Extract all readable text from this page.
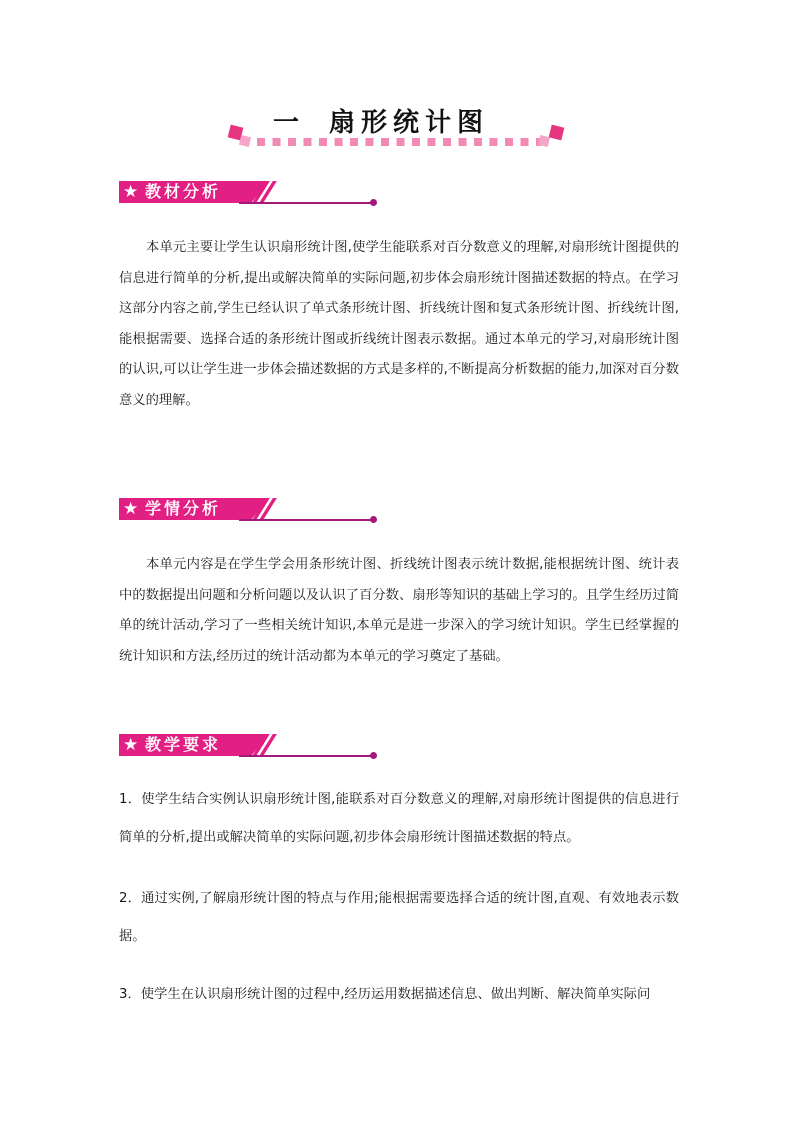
一 扇形统计图
★ 教材分析
本单元主要让学生认识扇形统计图,使学生能联系对百分数意义的理解,对扇形统计图提供的信息进行简单的分析,提出或解决简单的实际问题,初步体会扇形统计图描述数据的特点。在学习这部分内容之前,学生已经认识了单式条形统计图、折线统计图和复式条形统计图、折线统计图,能根据需要、选择合适的条形统计图或折线统计图表示数据。通过本单元的学习,对扇形统计图的认识,可以让学生进一步体会描述数据的方式是多样的,不断提高分析数据的能力,加深对百分数意义的理解。
★ 学情分析
本单元内容是在学生学会用条形统计图、折线统计图表示统计数据,能根据统计图、统计表中的数据提出问题和分析问题以及认识了百分数、扇形等知识的基础上学习的。且学生经历过简单的统计活动,学习了一些相关统计知识,本单元是进一步深入的学习统计知识。学生已经掌握的统计知识和方法,经历过的统计活动都为本单元的学习奠定了基础。
★ 教学要求
1．使学生结合实例认识扇形统计图,能联系对百分数意义的理解,对扇形统计图提供的信息进行简单的分析,提出或解决简单的实际问题,初步体会扇形统计图描述数据的特点。
2．通过实例,了解扇形统计图的特点与作用;能根据需要选择合适的统计图,直观、有效地表示数据。
3．使学生在认识扇形统计图的过程中,经历运用数据描述信息、做出判断、解决简单实际问
